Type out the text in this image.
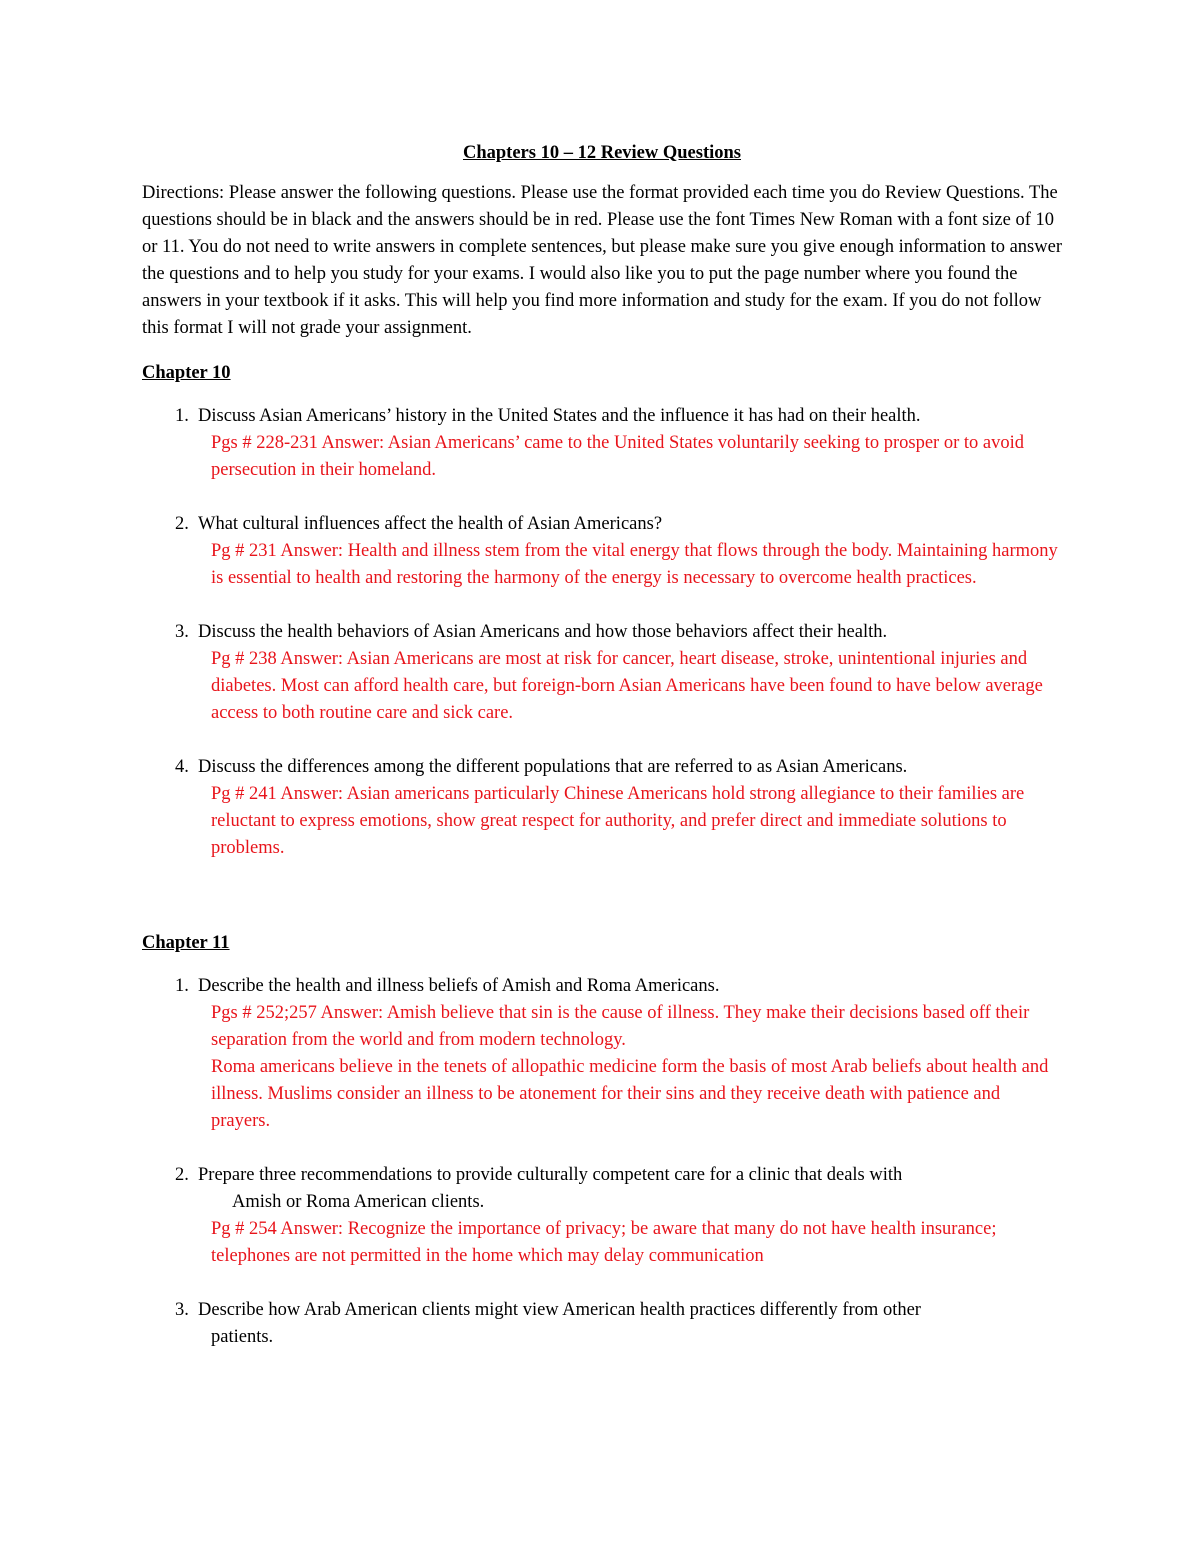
Chapters 10 – 12 Review Questions
Directions: Please answer the following questions. Please use the format provided each time you do Review Questions. The questions should be in black and the answers should be in red. Please use the font Times New Roman with a font size of 10 or 11. You do not need to write answers in complete sentences, but please make sure you give enough information to answer the questions and to help you study for your exams. I would also like you to put the page number where you found the answers in your textbook if it asks. This will help you find more information and study for the exam. If you do not follow this format I will not grade your assignment.
Chapter 10
1. Discuss Asian Americans’ history in the United States and the influence it has had on their health.
Pgs # 228-231 Answer: Asian Americans’ came to the United States voluntarily seeking to prosper or to avoid persecution in their homeland.
2. What cultural influences affect the health of Asian Americans?
Pg # 231 Answer: Health and illness stem from the vital energy that flows through the body. Maintaining harmony is essential to health and restoring the harmony of the energy is necessary to overcome health practices.
3. Discuss the health behaviors of Asian Americans and how those behaviors affect their health.
Pg # 238 Answer: Asian Americans are most at risk for cancer, heart disease, stroke, unintentional injuries and diabetes. Most can afford health care, but foreign-born Asian Americans have been found to have below average access to both routine care and sick care.
4. Discuss the differences among the different populations that are referred to as Asian Americans.
Pg # 241 Answer: Asian americans particularly Chinese Americans hold strong allegiance to their families are reluctant to express emotions, show great respect for authority, and prefer direct and immediate solutions to problems.
Chapter 11
1. Describe the health and illness beliefs of Amish and Roma Americans.
Pgs # 252;257 Answer: Amish believe that sin is the cause of illness. They make their decisions based off their separation from the world and from modern technology.
Roma americans believe in the tenets of allopathic medicine form the basis of most Arab beliefs about health and illness. Muslims consider an illness to be atonement for their sins and they receive death with patience and prayers.
2. Prepare three recommendations to provide culturally competent care for a clinic that deals with
Amish or Roma American clients.
Pg # 254 Answer: Recognize the importance of privacy; be aware that many do not have health insurance; telephones are not permitted in the home which may delay communication
3. Describe how Arab American clients might view American health practices differently from other
patients.
